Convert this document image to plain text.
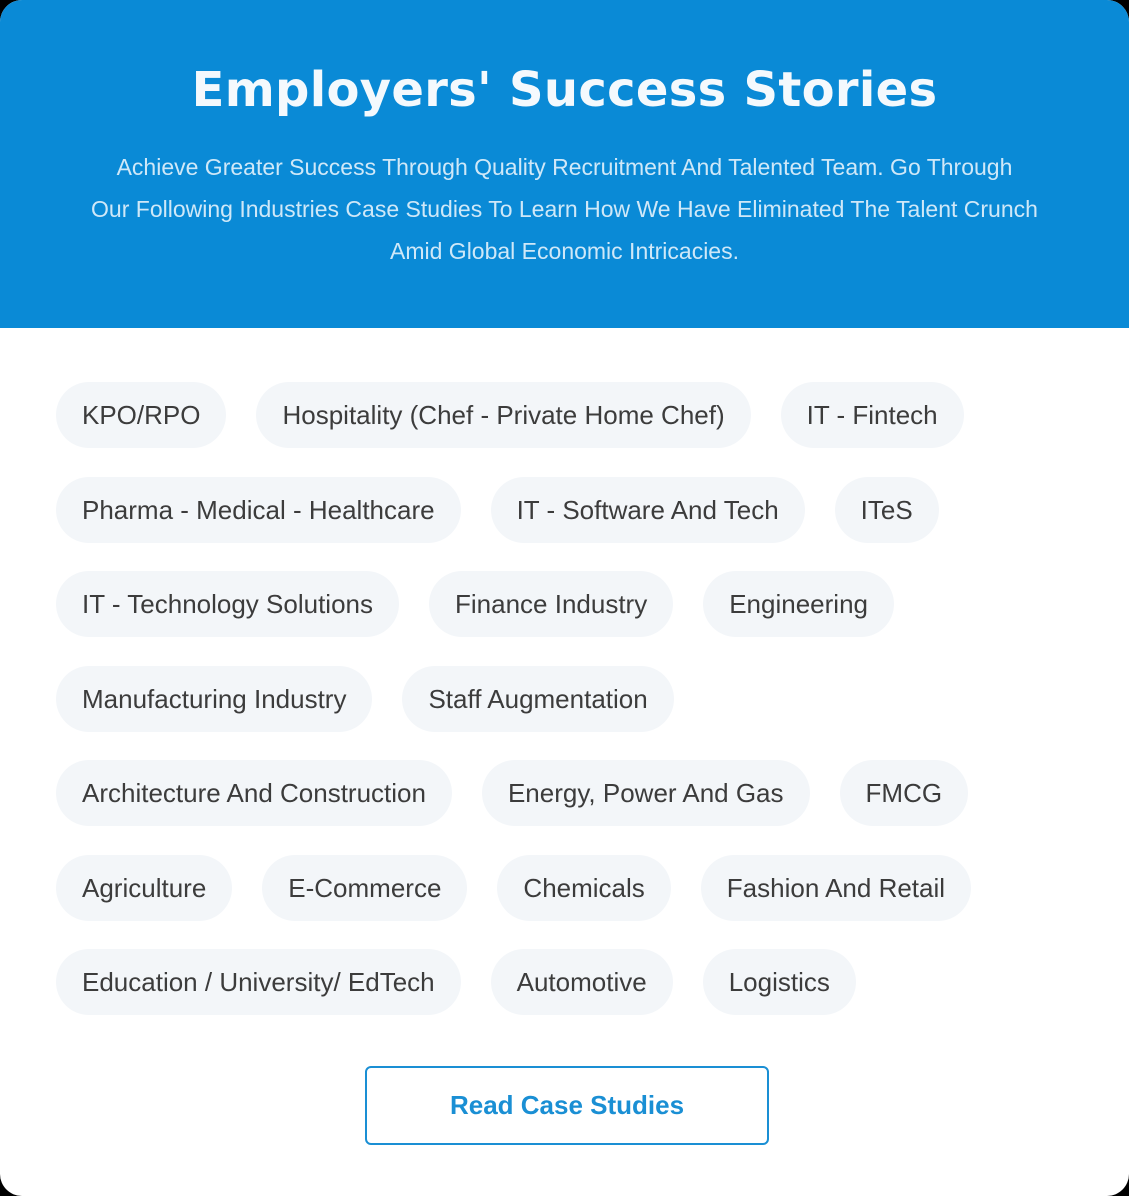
Employers' Success Stories

Achieve Greater Success Through Quality Recruitment And Talented Team. Go Through
Our Following Industries Case Studies To Learn How We Have Eliminated The Talent Crunch
Amid Global Economic Intricacies.

KPO/RPO	Hospitality (Chef - Private Home Chef)	IT - Fintech
Pharma - Medical - Healthcare	IT - Software And Tech	ITeS
IT - Technology Solutions	Finance Industry	Engineering
Manufacturing Industry	Staff Augmentation
Architecture And Construction	Energy, Power And Gas	FMCG
Agriculture	E-Commerce	Chemicals	Fashion And Retail
Education / University/ EdTech	Automotive	Logistics
Read Case Studies
